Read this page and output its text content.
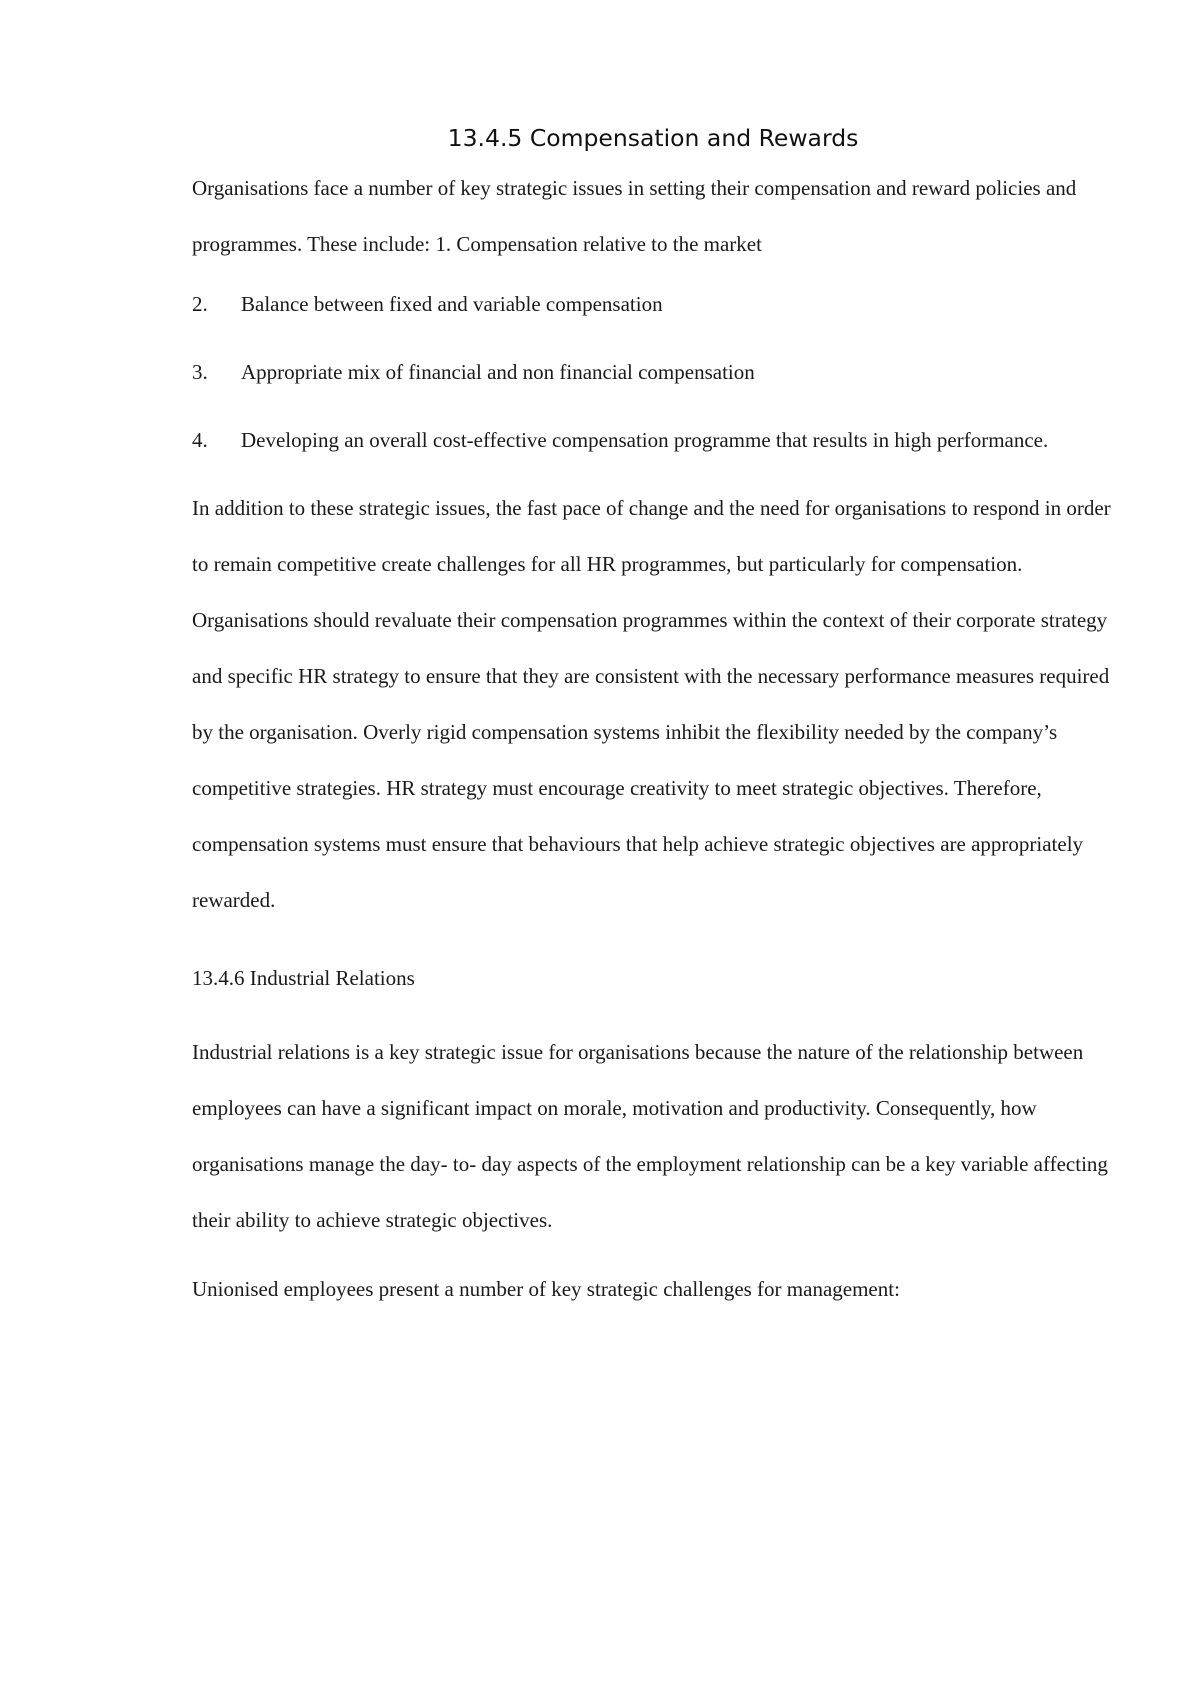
13.4.5 Compensation and Rewards

Organisations face a number of key strategic issues in setting their compensation and reward policies and programmes. These include: 1. Compensation relative to the market

2.	Balance between fixed and variable compensation
3.	Appropriate mix of financial and non financial compensation
4.	Developing an overall cost-effective compensation programme that results in high performance.

In addition to these strategic issues, the fast pace of change and the need for organisations to respond in order to remain competitive create challenges for all HR programmes, but particularly for compensation. Organisations should revaluate their compensation programmes within the context of their corporate strategy and specific HR strategy to ensure that they are consistent with the necessary performance measures required by the organisation. Overly rigid compensation systems inhibit the flexibility needed by the company’s competitive strategies. HR strategy must encourage creativity to meet strategic objectives. Therefore, compensation systems must ensure that behaviours that help achieve strategic objectives are appropriately rewarded.

13.4.6 Industrial Relations

Industrial relations is a key strategic issue for organisations because the nature of the relationship between employees can have a significant impact on morale, motivation and productivity. Consequently, how organisations manage the day- to- day aspects of the employment relationship can be a key variable affecting their ability to achieve strategic objectives.

Unionised employees present a number of key strategic challenges for management:
